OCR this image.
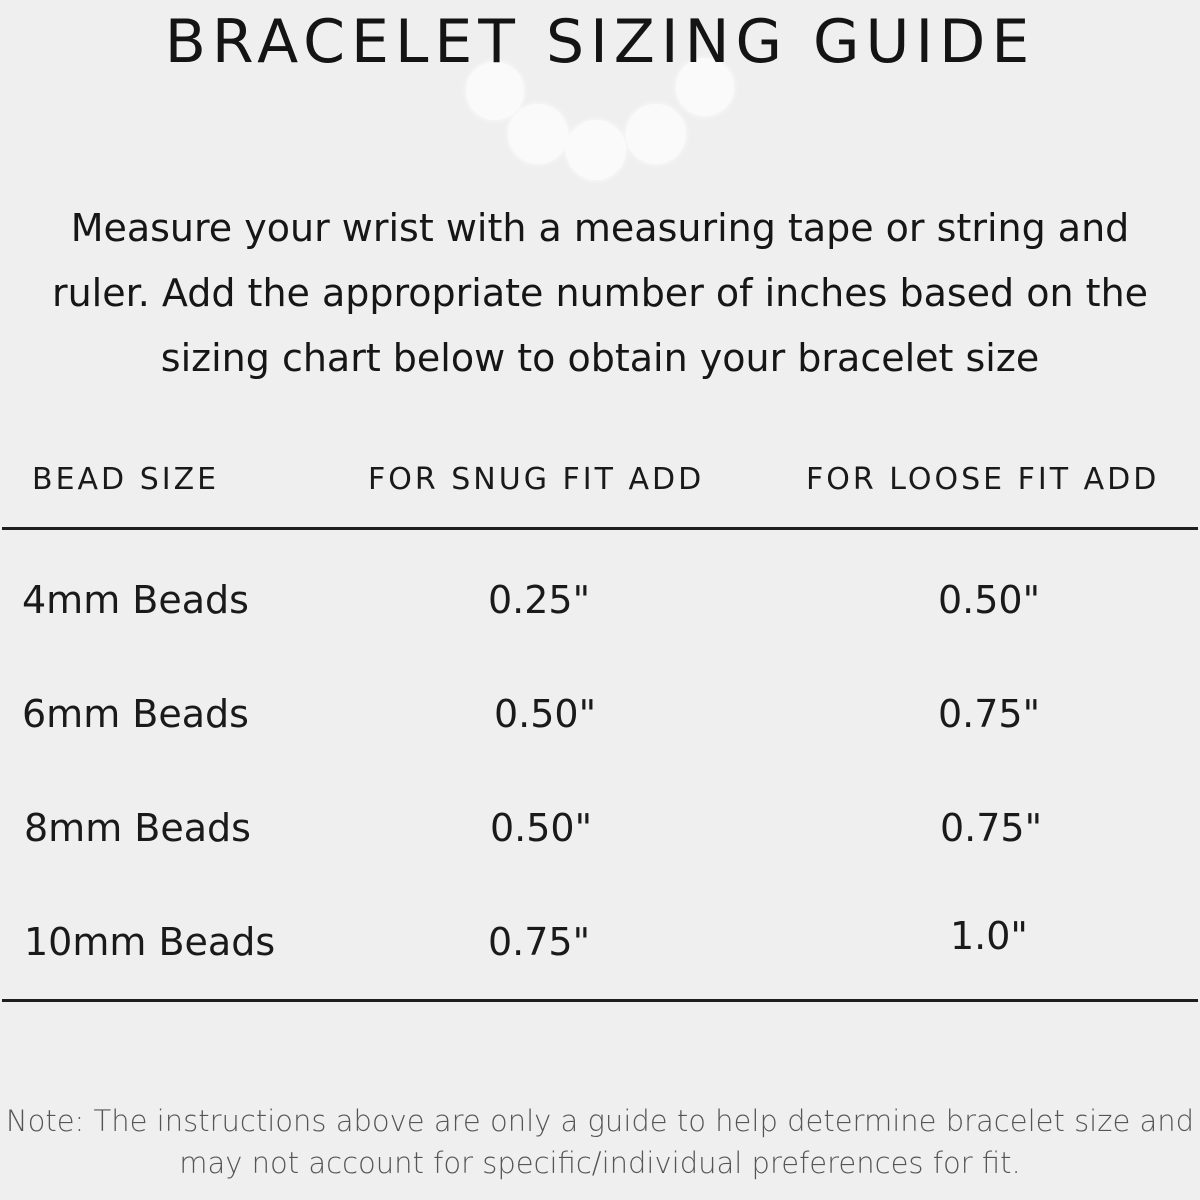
BRACELET SIZING GUIDE

Measure your wrist with a measuring tape or string and ruler. Add the appropriate number of inches based on the sizing chart below to obtain your bracelet size

BEAD SIZE	FOR SNUG FIT ADD	FOR LOOSE FIT ADD
4mm Beads	0.25"	0.50"
6mm Beads	0.50"	0.75"
8mm Beads	0.50"	0.75"
10mm Beads	0.75"	1.0"

Note: The instructions above are only a guide to help determine bracelet size and may not account for specific/individual preferences for fit.
